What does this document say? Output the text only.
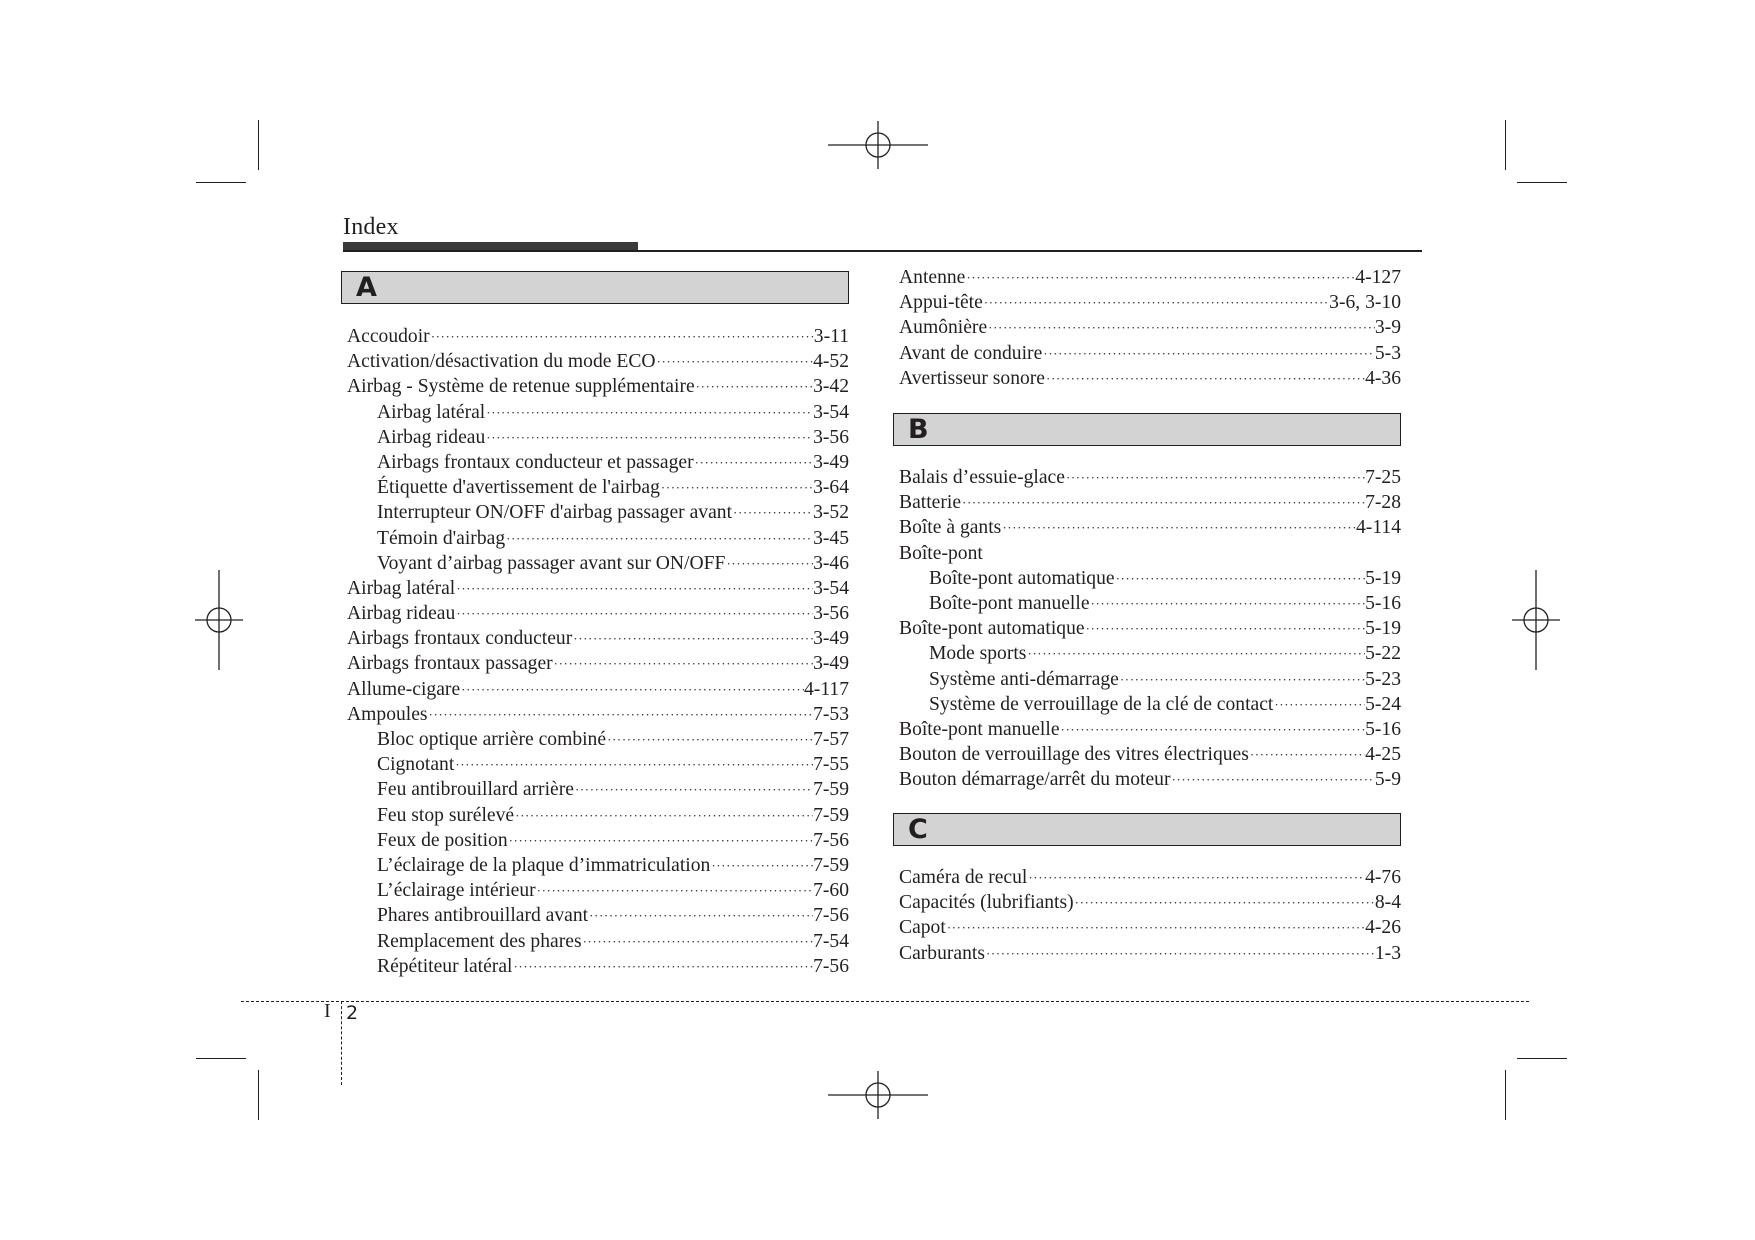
Index
A
Accoudoir ·····	3-11
Activation/désactivation du mode ECO ·····	4-52
Airbag - Système de retenue supplémentaire ·····	3-42
Airbag latéral ·····	3-54
Airbag rideau ·····	3-56
Airbags frontaux conducteur et passager ·····	3-49
Étiquette d'avertissement de l'airbag ·····	3-64
Interrupteur ON/OFF d'airbag passager avant ·····	3-52
Témoin d'airbag ·····	3-45
Voyant d’airbag passager avant sur ON/OFF ·····	3-46
Airbag latéral ·····	3-54
Airbag rideau ·····	3-56
Airbags frontaux conducteur ·····	3-49
Airbags frontaux passager ·····	3-49
Allume-cigare ·····	4-117
Ampoules ·····	7-53
Bloc optique arrière combiné ·····	7-57
Cignotant ·····	7-55
Feu antibrouillard arrière ·····	7-59
Feu stop surélevé ·····	7-59
Feux de position ·····	7-56
L’éclairage de la plaque d’immatriculation ·····	7-59
L’éclairage intérieur ·····	7-60
Phares antibrouillard avant ·····	7-56
Remplacement des phares ·····	7-54
Répétiteur latéral ·····	7-56
Antenne ·····	4-127
Appui-tête ·····	3-6, 3-10
Aumônière ·····	3-9
Avant de conduire ·····	5-3
Avertisseur sonore ·····	4-36
B
Balais d’essuie-glace ·····	7-25
Batterie ·····	7-28
Boîte à gants ·····	4-114
Boîte-pont
Boîte-pont automatique ·····	5-19
Boîte-pont manuelle ·····	5-16
Boîte-pont automatique ·····	5-19
Mode sports ·····	5-22
Système anti-démarrage ·····	5-23
Système de verrouillage de la clé de contact ·····	5-24
Boîte-pont manuelle ·····	5-16
Bouton de verrouillage des vitres électriques ·····	4-25
Bouton démarrage/arrêt du moteur ·····	5-9
C
Caméra de recul ·····	4-76
Capacités (lubrifiants) ·····	8-4
Capot ·····	4-26
Carburants ·····	1-3
I 2
